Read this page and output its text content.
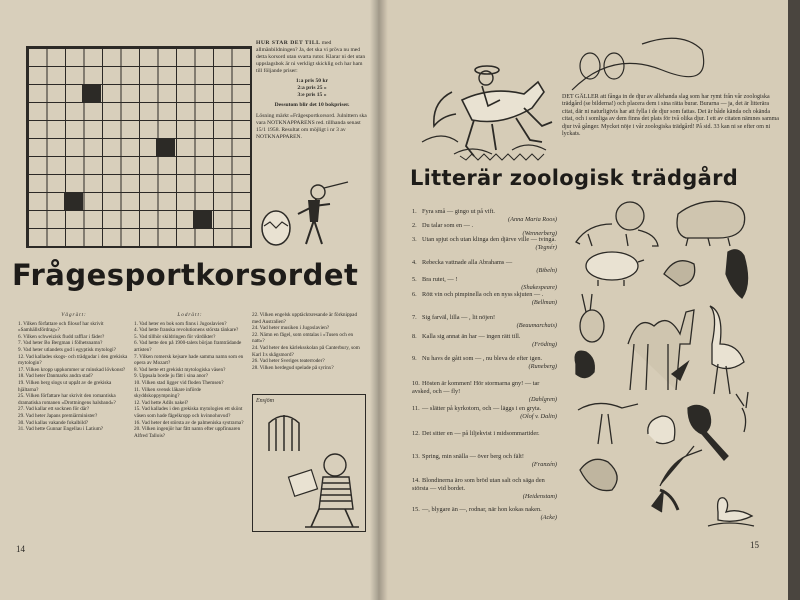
HUR STAR DET TILL med allmänbildningen? Ja, det ska vi pröva nu med detta korsord utan svarta rutor. Klarar ni det utan uppslagsbok är ni verkligt skicklig och har ham till följande priser:
1:a pris 50 kr
2:a pris 25 »
3:e pris 15 »
Dessutom blir det 10 bokpriser.
Lösning märkt »Frågesportkorsord. Julnittern ska vara NOTKNAPPARENS red. tillhanda senast 15/1 1958. Resultat om möjligt i nr 3 av NOTKNAPPAREN.
Frågesportkorsordet
Vågrätt:

1. Vilken författare och filosof har skrivit »Samhällsfördrag«?

6. Vilken schweizisk fludd rafflar i fäder?

7. Vad heter Bo Bergman i fölhetsnamn?

9. Vad heter utlandets gud i egyptisk mytologi?

12. Vad kallades skogs- och trädgudar i den grekiska mytologin?

17. Vilken kropp uppkommer ur minskad lövkonst?

18. Vad heter Danmarks andra stad?

19. Vilken berg slogs ut uppåt av de grekiska hjältarna?

25. Vilken författare har skrivit den romantiska dramatiska romanen »Drottningens halsband«?

27. Vad kallar ett socknen för där?

29. Vad heter Japans premiärminister?

30. Vad kallas vakande fokalbild?

31. Vad hette Gunnar Engellau i Latium?

Lodrätt:

1. Vad heter en bok som finns i Jugoslavien?

4. Vad hette franska revolutionens största tänkare?

5. Vad tillhör skildringen för vårdikter?

6. Vad hette den på 1900-talets början framträdande artisten?

7. Vilken romersk kejsare hade samma namn som en opera av Mozart?

8. Vad hette ett grekiskt mytologiska väsen?

9. Uppsala borde ju fått i sina anor?

10. Vilken stad ligger vid floden Themsen?

11. Vilken svensk läkare införde skyddskoppympning?

12. Vad hette Adils nakel?

15. Vad kallades i den grekiska mytologien ett skönt väsen som hade fågelkropp och kvinnohuvud?

16. Vad heter det största av de palmeniska systrarna?

20. Vilken ingenjör har fått namn efter uppfinnaren Alfred Tallois?

22. Vilken engelsk upptäcktsresande är förknippad med Australien?

24. Vad heter musiken i Jugoslavien?

22. Nämn en fågel, som omtalas i »Tusen och en natt«?

24. Vad heter den kärleksskolan på Canterbury, som Karl I:s skågsmord?

26. Vad heter Sveriges teaterroder?

28. Vilken herdegud spelade på syrinx?

Ensjöm
14	15
DET GÄLLER att fånga in de djur av allehanda slag som har rymt från vår zoologiska trädgård (se bilderna!) och placera dem i sina rätta burar. Burarna — ja, det är litterära citat, där ni naturligtvis har att fylla i de djur som fattas. Det är både kända och okända citat, och i somliga av dem finns det plats för två olika djur. I ett av citaten nämnes samma djur två gånger. Mycket nöje i vår zoologiska trädgård! På sid. 33 kan ni se efter om ni lyckats.
Litterär zoologisk trädgård
1. Fyra små — gingo ut på vift.
(Anna Maria Roos)
2. Du talar som en — .
(Wennerberg)
3. Utan spjut och utan klinga den djärve ville — tvinga.
(Tegnér)
4. Rebecka vattnade alla Abrahams —
(Bibeln)
5. Bra rutet, — !
(Shakespeare)
6. Rött vin och pimpinella och en nyss skjuten — .
(Bellman)
7. Sig farväl, lilla — , lit nöjen!
(Beaumarchais)
8. Kalla sig annat än har — ingen rätt till.
(Fröding)
9. Nu havs de gått som — , nu bleva de efter igen.
(Runeberg)
10. Hösten är kommen! Hör stormarna gny! — tar avsked, och — fly!
(Dahlgren)
11. — slätter på kyrkotorn, och — läggs i en gryta.
(Olof v. Dalin)
12. Det sitter en — på liljekvist i midsommartider.
13. Spring, min snälla — över berg och fält!
(Franzén)
14. Blondinerna äro som bröd utan salt och säga den största — vid bordet.
(Heidenstam)
15. —, blygare än —, rodnar, när hon kokas naken.
(Acke)
